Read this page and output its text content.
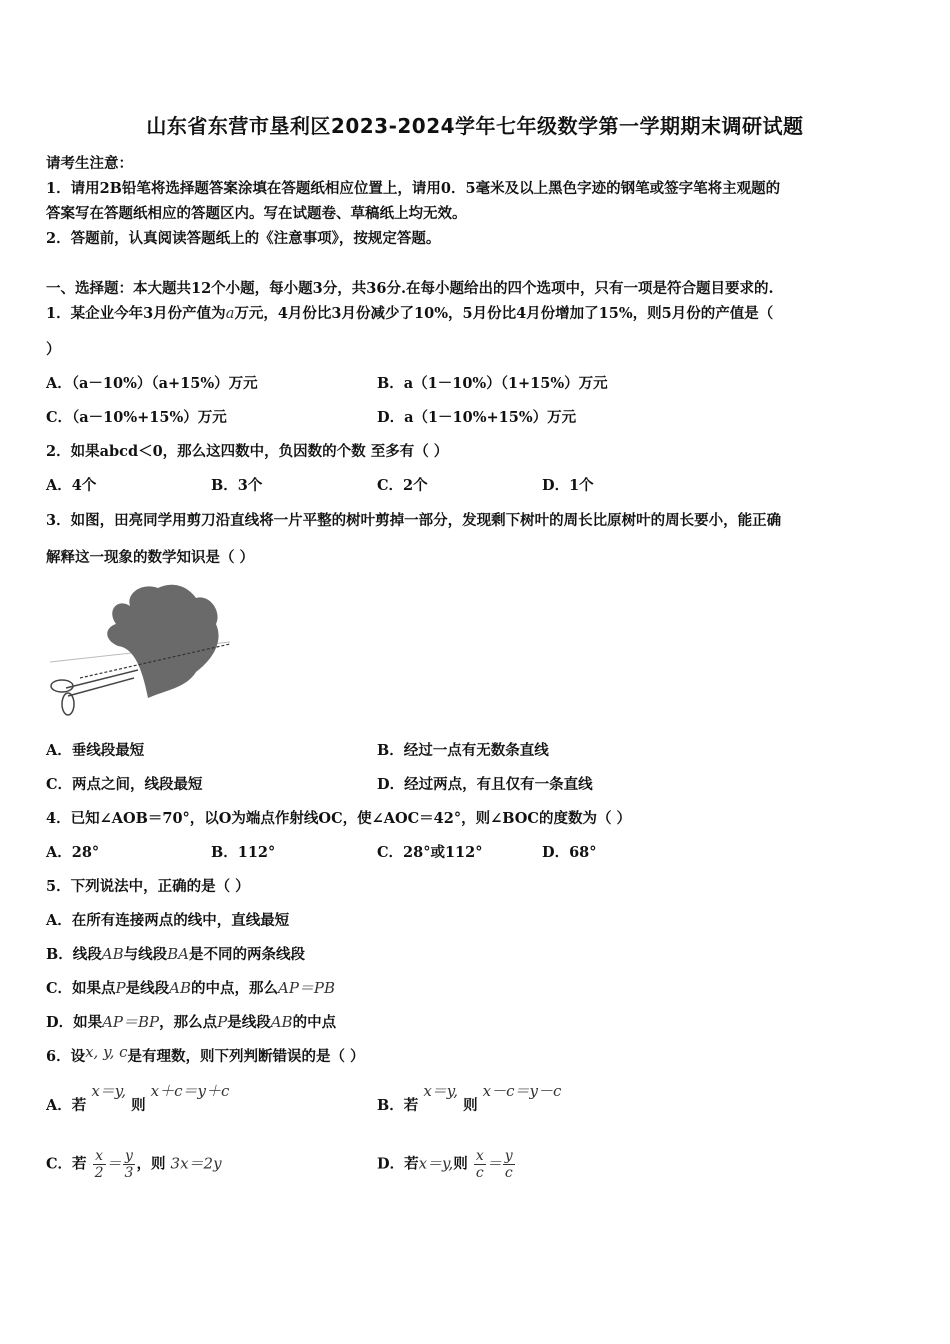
山东省东营市垦利区2023-2024学年七年级数学第一学期期末调研试题
请考生注意：
1．请用2B铅笔将选择题答案涂填在答题纸相应位置上，请用0．5毫米及以上黑色字迹的钢笔或签字笔将主观题的
答案写在答题纸相应的答题区内。写在试题卷、草稿纸上均无效。
2．答题前，认真阅读答题纸上的《注意事项》，按规定答题。
一、选择题：本大题共12个小题，每小题3分，共36分.在每小题给出的四个选项中，只有一项是符合题目要求的.
1．某企业今年3月份产值为a万元，4月份比3月份减少了10%，5月份比4月份增加了15%，则5月份的产值是（
）
A．（a－10%）（a+15%）万元	B．a（1－10%）（1+15%）万元
C．（a－10%+15%）万元	D．a（1－10%+15%）万元
2．如果abcd＜0，那么这四数中，负因数的个数 至多有（ ）
A．4个	B．3个	C．2个	D．1个
3．如图，田亮同学用剪刀沿直线将一片平整的树叶剪掉一部分，发现剩下树叶的周长比原树叶的周长要小，能正确
解释这一现象的数学知识是（ ）
A．垂线段最短	B．经过一点有无数条直线
C．两点之间，线段最短	D．经过两点，有且仅有一条直线
4．已知∠AOB＝70°，以O为端点作射线OC，使∠AOC＝42°，则∠BOC的度数为（ ）
A．28°	B．112°	C．28°或112°	D．68°
5．下列说法中，正确的是（ ）
A．在所有连接两点的线中，直线最短
B．线段AB与线段BA是不同的两条线段
C．如果点P是线段AB的中点，那么AP＝PB
D．如果AP＝BP，那么点P是线段AB的中点
6．设x, y, c是有理数，则下列判断错误的是（ ）
A．若 x＝y, 则 x＋c＝y＋c
B．若 x＝y, 则 x－c＝y－c
C．若 $\frac{x}{2} = \frac{y}{3}$ ，则 3x＝2y	D．若x＝y,则 $\frac{x}{c} = \frac{y}{c}$
